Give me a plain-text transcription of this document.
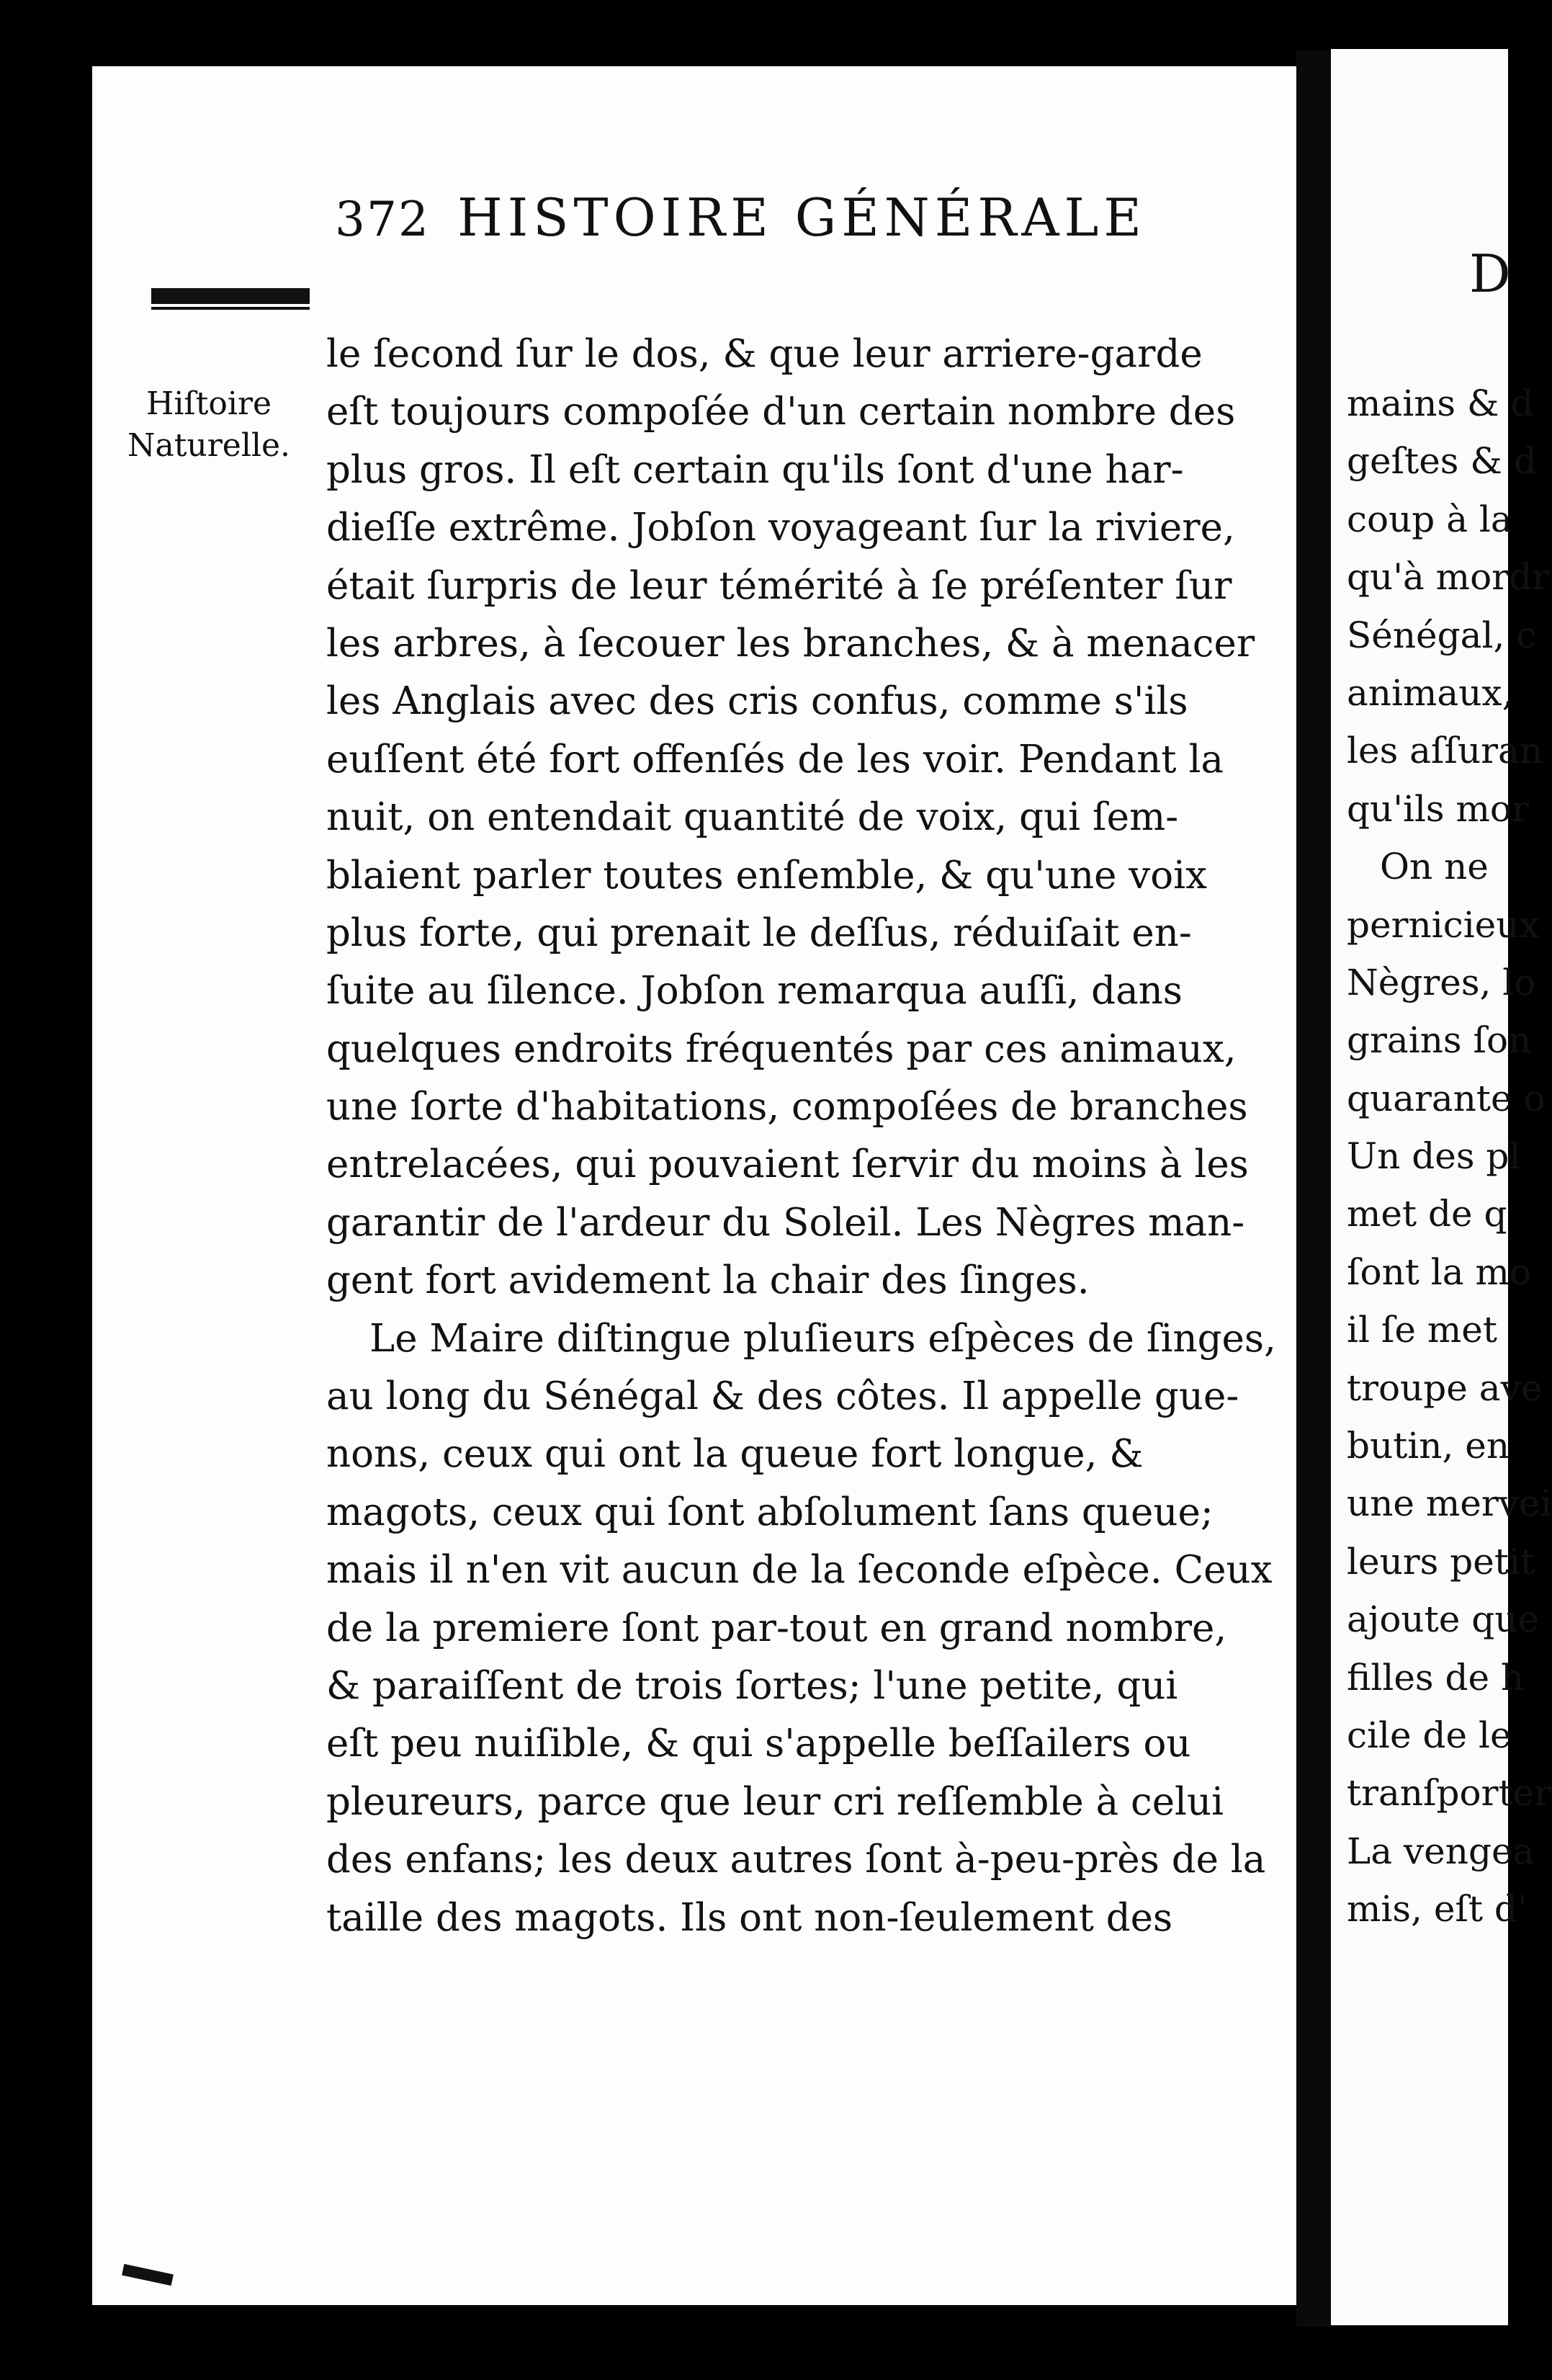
D
mains & d
geſtes & d
coup à la
qu'à mordr
Sénégal, c
animaux,
les aſſuran
qu'ils mor
On ne
pernicieux
Nègres, lo
grains ſon
quarante o
Un des pl
met de q
ſont la mo
il ſe met
troupe ave
butin, en
une mervei
leurs petit
ajoute que
filles de h
cile de le
tranſporter
La vengea
mis, eſt d'
372 HISTOIRE GÉNÉRALE
Hiſtoire
Naturelle.
le ſecond ſur le dos, & que leur arriere-garde
eſt toujours compoſée d'un certain nombre des
plus gros. Il eſt certain qu'ils ſont d'une har-
dieſſe extrême. Jobſon voyageant ſur la riviere,
était ſurpris de leur témérité à ſe préſenter ſur
les arbres, à ſecouer les branches, & à menacer
les Anglais avec des cris confus, comme s'ils
euſſent été fort offenſés de les voir. Pendant la
nuit, on entendait quantité de voix, qui ſem-
blaient parler toutes enſemble, & qu'une voix
plus forte, qui prenait le deſſus, réduiſait en-
ſuite au ſilence. Jobſon remarqua auſſi, dans
quelques endroits fréquentés par ces animaux,
une ſorte d'habitations, compoſées de branches
entrelacées, qui pouvaient ſervir du moins à les
garantir de l'ardeur du Soleil. Les Nègres man-
gent fort avidement la chair des ſinges.
Le Maire diſtingue pluſieurs eſpèces de ſinges,
au long du Sénégal & des côtes. Il appelle gue-
nons, ceux qui ont la queue fort longue, &
magots, ceux qui ſont abſolument ſans queue;
mais il n'en vit aucun de la ſeconde eſpèce. Ceux
de la premiere ſont par-tout en grand nombre,
& paraiſſent de trois ſortes; l'une petite, qui
eſt peu nuiſible, & qui s'appelle beſſailers ou
pleureurs, parce que leur cri reſſemble à celui
des enfans; les deux autres ſont à-peu-près de la
taille des magots. Ils ont non-ſeulement des
